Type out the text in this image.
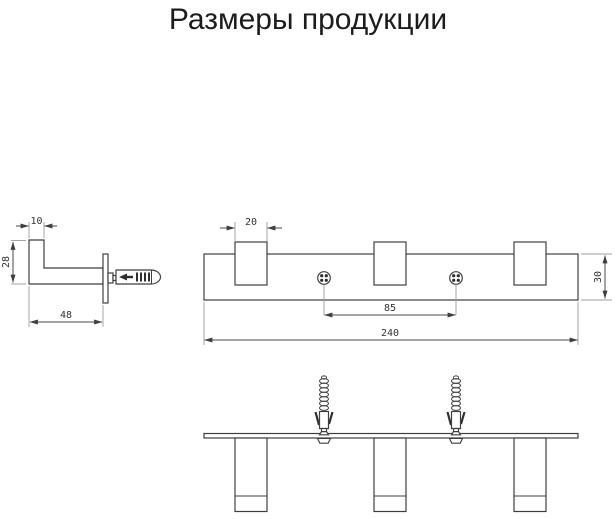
Размеры продукции
10
28
48
20
85
240
30
